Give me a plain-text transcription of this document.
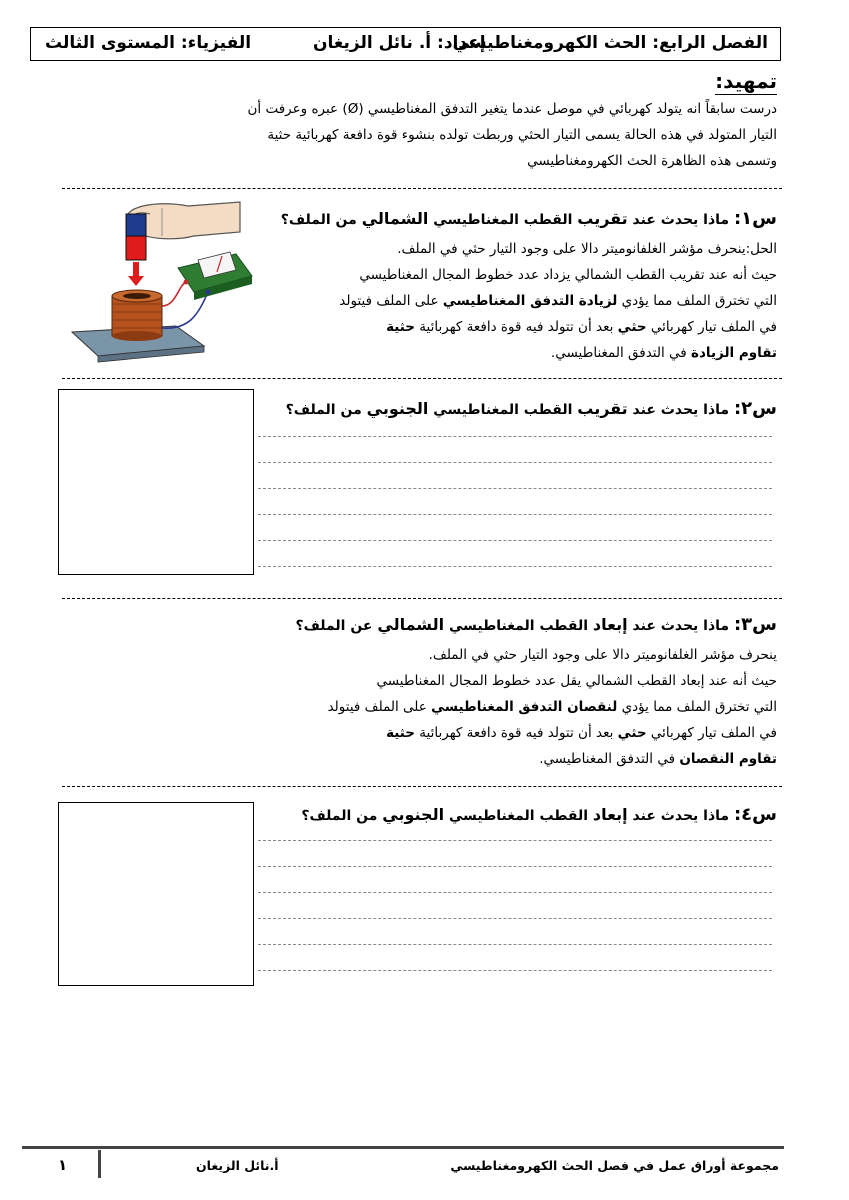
الفصل الرابع: الحث الكهرومغناطيسي
إعداد: أ. نائل الزيغان
الفيزياء: المستوى الثالث
تمهيد:
درست سابقاً انه يتولد كهربائي في موصل عندما يتغير التدفق المغناطيسي (Ø) عبره وعرفت أن
التيار المتولد في هذه الحالة يسمى التيار الحثي وربطت تولده بنشوء قوة دافعة كهربائية حثية
وتسمى هذه الظاهرة الحث الكهرومغناطيسي
س١: ماذا يحدث عند تقريب القطب المغناطيسي الشمالي من الملف؟
الحل:ينحرف مؤشر الغلفانوميتر دالا على وجود التيار حثي في الملف.
حيث أنه عند تقريب القطب الشمالي يزداد عدد خطوط المجال المغناطيسي
التي تخترق الملف مما يؤدي لزيادة التدفق المغناطيسي على الملف فيتولد
في الملف تيار كهربائي حثي بعد أن تتولد فيه قوة دافعة كهربائية حثية
تقاوم الزيادة في التدفق المغناطيسي.
س٢: ماذا يحدث عند تقريب القطب المغناطيسي الجنوبي من الملف؟
س٣: ماذا يحدث عند إبعاد القطب المغناطيسي الشمالي عن الملف؟
ينحرف مؤشر الغلفانوميتر دالا على وجود التيار حثي في الملف.
حيث أنه عند إبعاد القطب الشمالي يقل عدد خطوط المجال المغناطيسي
التي تخترق الملف مما يؤدي لنقصان التدفق المغناطيسي على الملف فيتولد
في الملف تيار كهربائي حثي بعد أن تتولد فيه قوة دافعة كهربائية حثية
تقاوم النقصان في التدفق المغناطيسي.
س٤: ماذا يحدث عند إبعاد القطب المغناطيسي الجنوبي من الملف؟
مجموعة أوراق عمل في فصل الحث الكهرومغناطيسي
أ.نائل الزيغان
١
